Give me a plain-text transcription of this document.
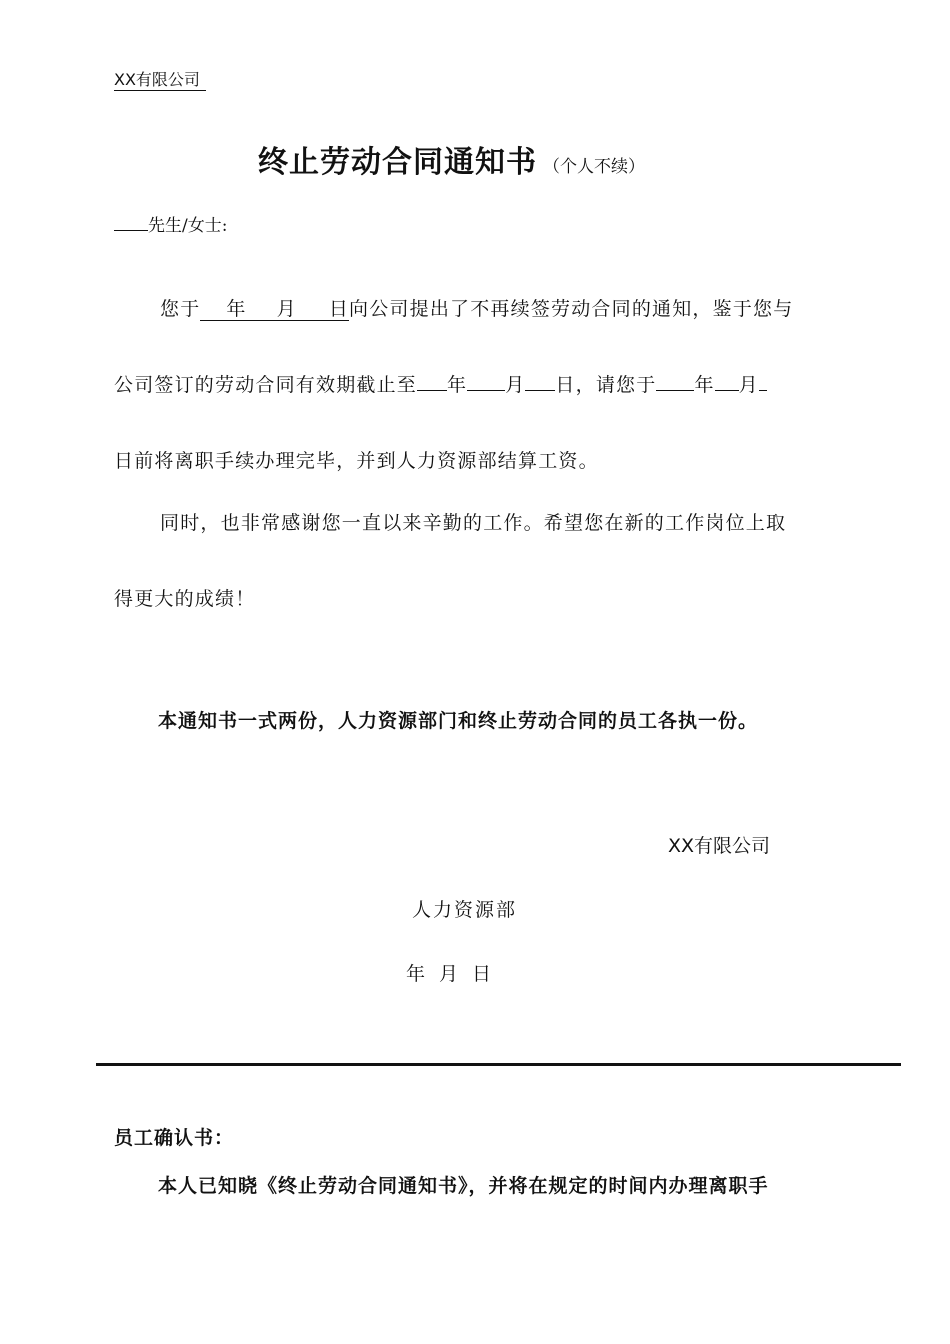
XX有限公司
终止劳动合同通知书 （个人不续）
先生/女士:
您于 年 月 日向公司提出了不再续签劳动合同的通知，鉴于您与
公司签订的劳动合同有效期截止至 年 月 日，请您于 年 月
日前将离职手续办理完毕，并到人力资源部结算工资。
同时，也非常感谢您一直以来辛勤的工作。希望您在新的工作岗位上取
得更大的成绩！
本通知书一式两份，人力资源部门和终止劳动合同的员工各执一份。
XX有限公司
人力资源部
年 月 日
员工确认书：
本人已知晓《终止劳动合同通知书》，并将在规定的时间内办理离职手
